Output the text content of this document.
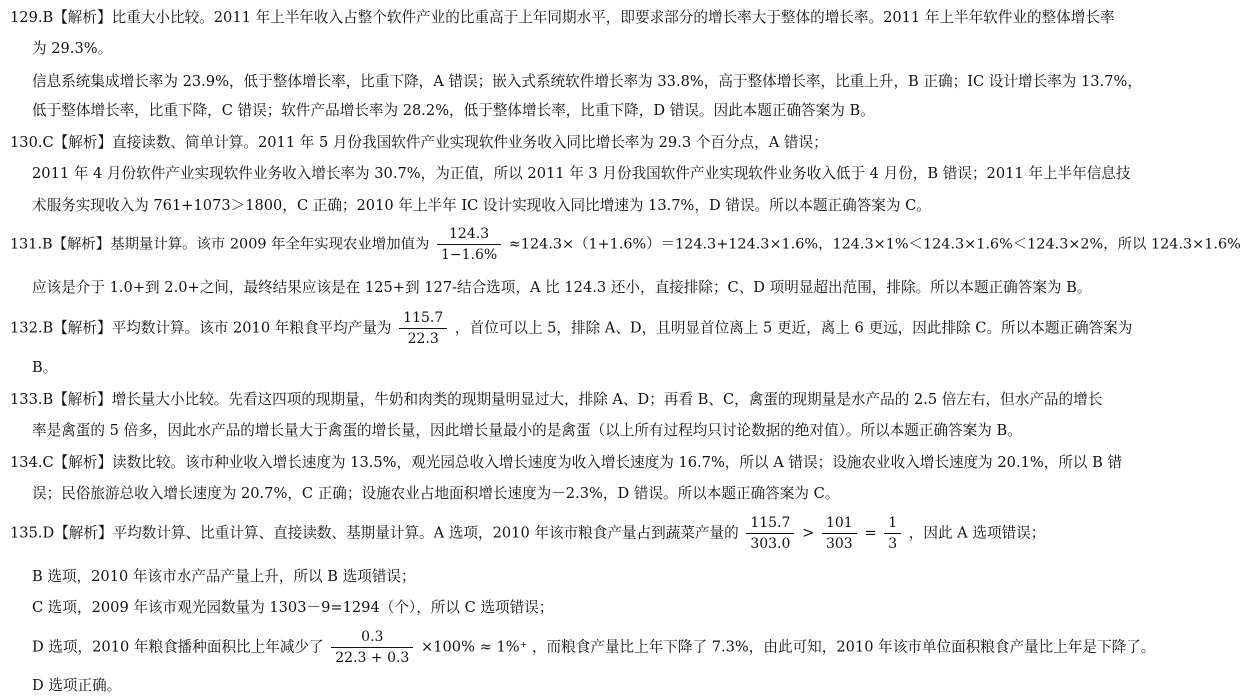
129.B【解析】比重大小比较。2011 年上半年收入占整个软件产业的比重高于上年同期水平，即要求部分的增长率大于整体的增长率。2011 年上半年软件业的整体增长率
为 29.3%。
信息系统集成增长率为 23.9%，低于整体增长率，比重下降，A 错误；嵌入式系统软件增长率为 33.8%，高于整体增长率，比重上升，B 正确；IC 设计增长率为 13.7%，
低于整体增长率，比重下降，C 错误；软件产品增长率为 28.2%，低于整体增长率，比重下降，D 错误。因此本题正确答案为 B。
130.C【解析】直接读数、简单计算。2011 年 5 月份我国软件产业实现软件业务收入同比增长率为 29.3 个百分点，A 错误；
2011 年 4 月份软件产业实现软件业务收入增长率为 30.7%，为正值，所以 2011 年 3 月份我国软件产业实现软件业务收入低于 4 月份，B 错误；2011 年上半年信息技
术服务实现收入为 761+1073＞1800，C 正确；2010 年上半年 IC 设计实现收入同比增速为 13.7%，D 错误。所以本题正确答案为 C。
131.B【解析】基期量计算。该市 2009 年全年实现农业增加值为 $\frac{124.3}{1-1.6\%} \approx 124.3\times(1+1.6\%)=124.3+124.3\times 1.6\%$，124.3×1%＜124.3×1.6%＜124.3×2%，所以 124.3×1.6%
应该是介于 1.0+到 2.0+之间，最终结果应该是在 125+到 127-结合选项，A 比 124.3 还小，直接排除；C、D 项明显超出范围，排除。所以本题正确答案为 B。
132.B【解析】平均数计算。该市 2010 年粮食平均产量为 $\frac{115.7}{22.3}$ ，首位可以上 5，排除 A、D，且明显首位离上 5 更近，离上 6 更远，因此排除 C。所以本题正确答案为
B。
133.B【解析】增长量大小比较。先看这四项的现期量，牛奶和肉类的现期量明显过大，排除 A、D；再看 B、C，禽蛋的现期量是水产品的 2.5 倍左右，但水产品的增长
率是禽蛋的 5 倍多，因此水产品的增长量大于禽蛋的增长量，因此增长量最小的是禽蛋（以上所有过程均只讨论数据的绝对值）。所以本题正确答案为 B。
134.C【解析】读数比较。该市种业收入增长速度为 13.5%，观光园总收入增长速度为收入增长速度为 16.7%，所以 A 错误；设施农业收入增长速度为 20.1%，所以 B 错
误；民俗旅游总收入增长速度为 20.7%，C 正确；设施农业占地面积增长速度为－2.3%，D 错误。所以本题正确答案为 C。
135.D【解析】平均数计算、比重计算、直接读数、基期量计算。A 选项，2010 年该市粮食产量占到蔬菜产量的 $\frac{115.7}{303.0} > \frac{101}{303} = \frac{1}{3}$ ，因此 A 选项错误；
B 选项，2010 年该市水产品产量上升，所以 B 选项错误；
C 选项，2009 年该市观光园数量为 1303－9=1294（个），所以 C 选项错误；
D 选项，2010 年粮食播种面积比上年减少了 $\frac{0.3}{22.3 + 0.3} \times 100\% \approx 1\%^+$ ，而粮食产量比上年下降了 7.3%，由此可知，2010 年该市单位面积粮食产量比上年是下降了。
D 选项正确。
